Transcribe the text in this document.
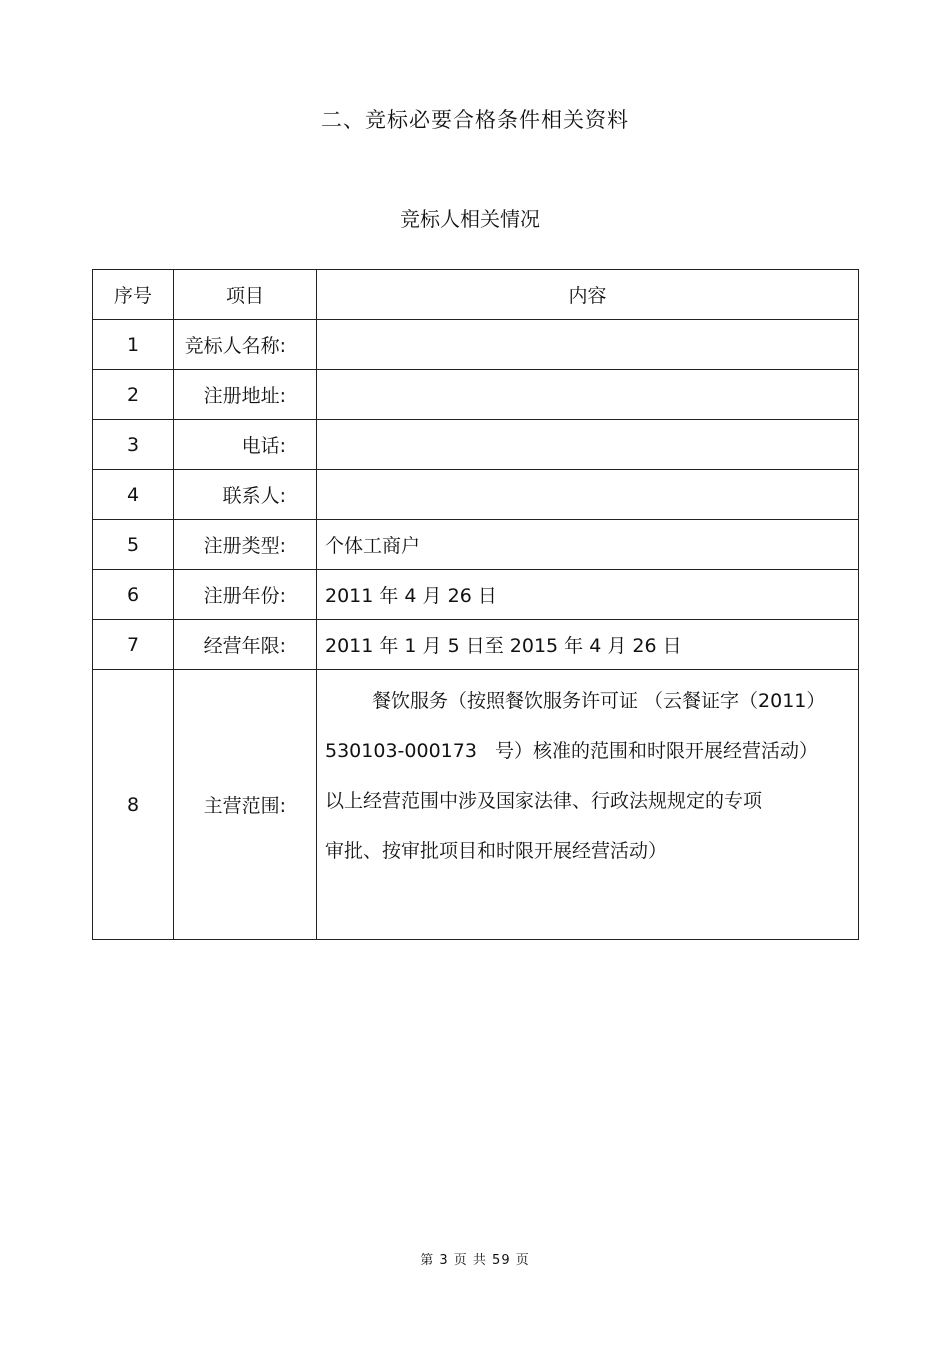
二、竞标必要合格条件相关资料
竞标人相关情况
序号	项目	内容
1	竞标人名称:	
2	注册地址:	
3	电话:	
4	联系人:	
5	注册类型:	个体工商户
6	注册年份:	2011 年 4 月 26 日
7	经营年限:	2011 年 1 月 5 日至 2015 年 4 月 26 日
8	主营范围:	餐饮服务（按照餐饮服务许可证 （云餐证字（2011）

530103-000173   号）核准的范围和时限开展经营活动）

以上经营范围中涉及国家法律、行政法规规定的专项

审批、按审批项目和时限开展经营活动）

第 3 页 共 59 页
